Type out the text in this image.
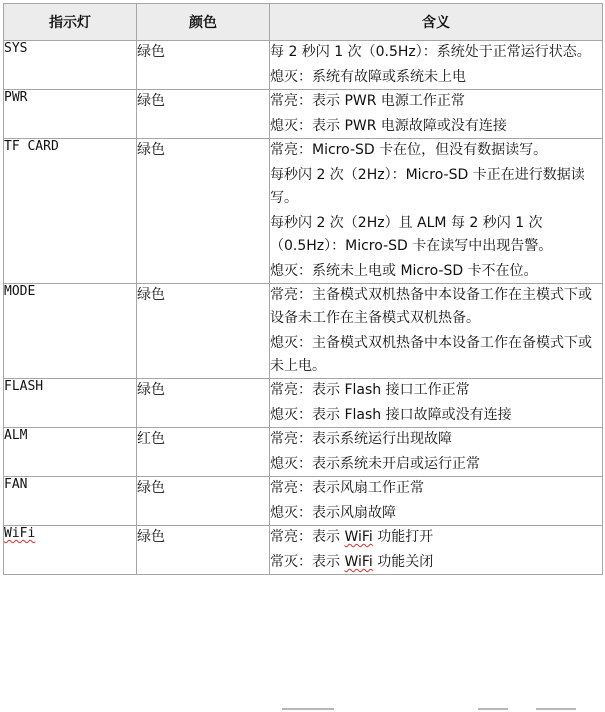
指示灯	颜色	含义
SYS	绿色	每 2 秒闪 1 次（0.5Hz）：系统处于正常运行状态。
熄灭：系统有故障或系统未上电

PWR	绿色	常亮：表示 PWR 电源工作正常
熄灭：表示 PWR 电源故障或没有连接

TF CARD	绿色	常亮：Micro-SD 卡在位，但没有数据读写。
每秒闪 2 次（2Hz）：Micro-SD 卡正在进行数据读写。
每秒闪 2 次（2Hz）且 ALM 每 2 秒闪 1 次（0.5Hz）：Micro-SD 卡在读写中出现告警。
熄灭：系统未上电或 Micro-SD 卡不在位。

MODE	绿色	常亮：主备模式双机热备中本设备工作在主模式下或设备未工作在主备模式双机热备。
熄灭：主备模式双机热备中本设备工作在备模式下或未上电。

FLASH	绿色	常亮：表示 Flash 接口工作正常
熄灭：表示 Flash 接口故障或没有连接

ALM	红色	常亮：表示系统运行出现故障
熄灭：表示系统未开启或运行正常

FAN	绿色	常亮：表示风扇工作正常
熄灭：表示风扇故障

WiFi	绿色	常亮：表示 WiFi 功能打开
常灭：表示 WiFi 功能关闭
